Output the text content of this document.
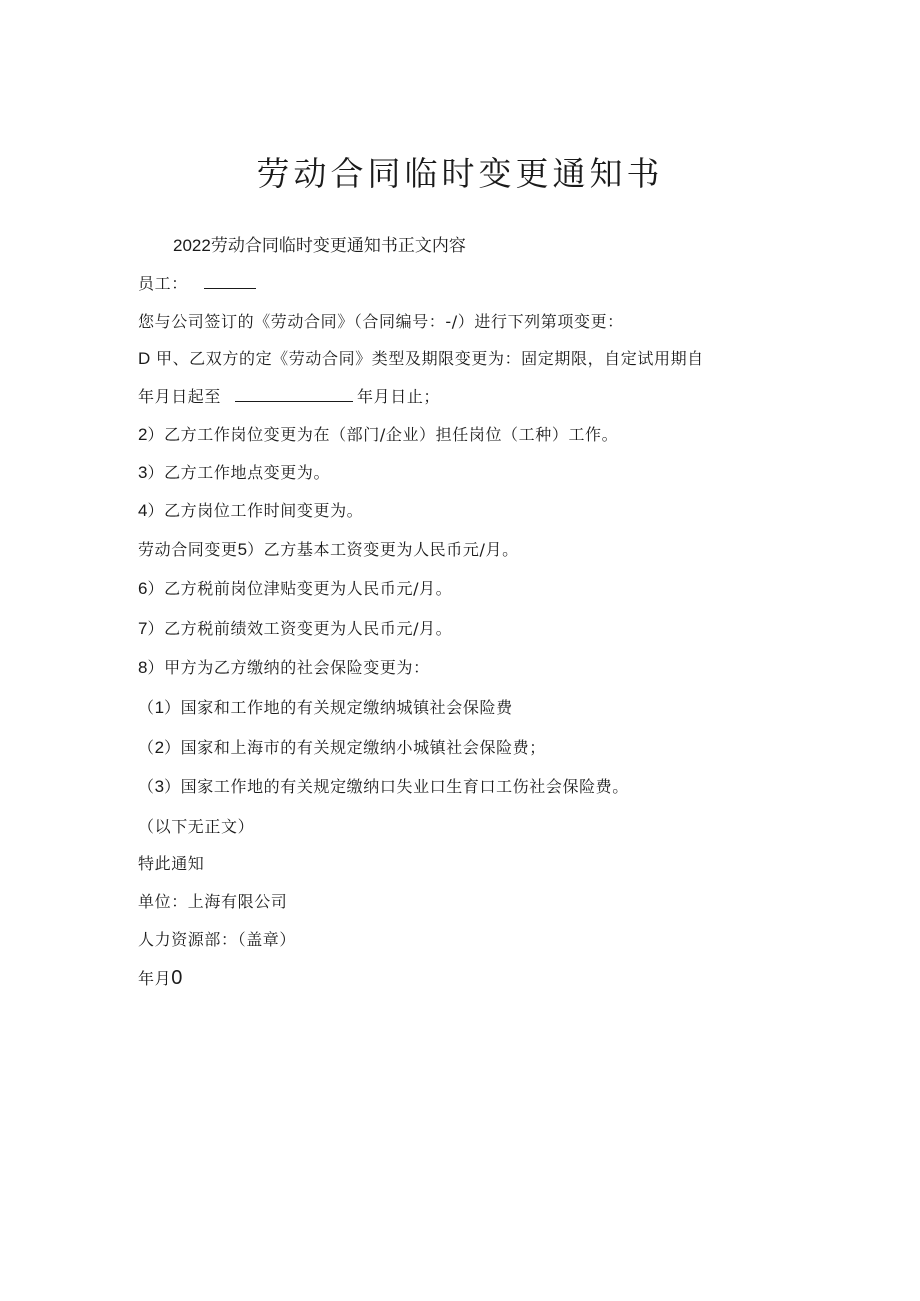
劳动合同临时变更通知书
2022劳动合同临时变更通知书正文内容
员工：
您与公司签订的《劳动合同》（合同编号：-/）进行下列第项变更：
D 甲、乙双方的定《劳动合同》类型及期限变更为：固定期限，自定试用期自
年月日起至	年月日止；
2）乙方工作岗位变更为在（部门/企业）担任岗位（工种）工作。
3）乙方工作地点变更为。
4）乙方岗位工作时间变更为。
劳动合同变更5）乙方基本工资变更为人民币元/月。
6）乙方税前岗位津贴变更为人民币元/月。
7）乙方税前绩效工资变更为人民币元/月。
8）甲方为乙方缴纳的社会保险变更为：
（1）国家和工作地的有关规定缴纳城镇社会保险费
（2）国家和上海市的有关规定缴纳小城镇社会保险费；
（3）国家工作地的有关规定缴纳口失业口生育口工伤社会保险费。
（以下无正文）
特此通知
单位：上海有限公司
人力资源部：（盖章）
年月0
